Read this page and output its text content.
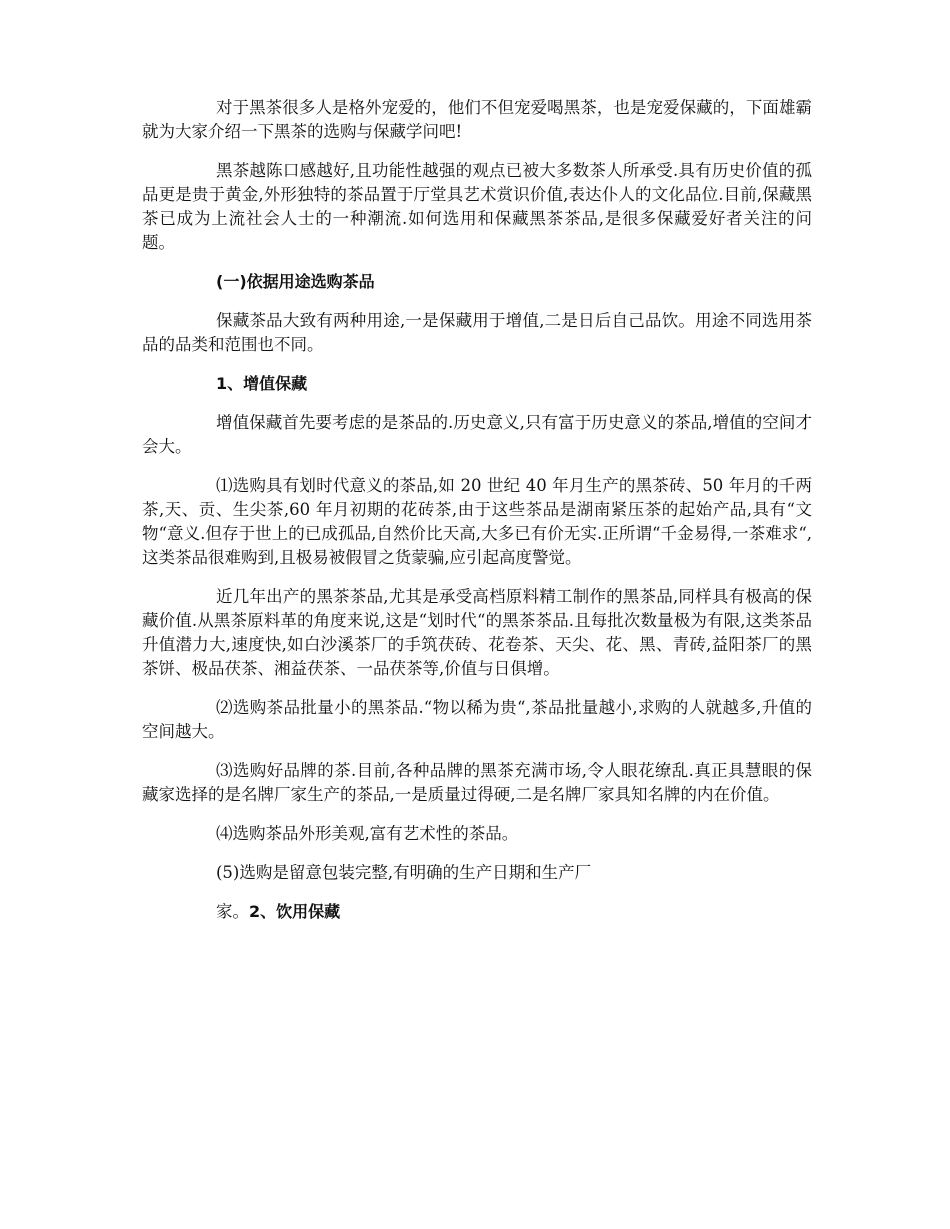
对于黑茶很多人是格外宠爱的，他们不但宠爱喝黑茶，也是宠爱保藏的，下面雄霸就为大家介绍一下黑茶的选购与保藏学问吧!

黑茶越陈口感越好,且功能性越强的观点已被大多数茶人所承受.具有历史价值的孤品更是贵于黄金,外形独特的茶品置于厅堂具艺术赏识价值,表达仆人的文化品位.目前,保藏黑茶已成为上流社会人士的一种潮流.如何选用和保藏黑茶茶品,是很多保藏爱好者关注的问题。

(一)依据用途选购茶品

保藏茶品大致有两种用途,一是保藏用于增值,二是日后自己品饮。用途不同选用茶品的品类和范围也不同。

1、增值保藏

增值保藏首先要考虑的是茶品的.历史意义,只有富于历史意义的茶品,增值的空间才会大。

⑴选购具有划时代意义的茶品,如 20 世纪 40 年月生产的黑茶砖、50 年月的千两茶,天、贡、生尖茶,60 年月初期的花砖茶,由于这些茶品是湖南紧压茶的起始产品,具有“文物“意义.但存于世上的已成孤品,自然价比天高,大多已有价无实.正所谓“千金易得,一茶难求“,这类茶品很难购到,且极易被假冒之货蒙骗,应引起高度警觉。

近几年出产的黑茶茶品,尤其是承受高档原料精工制作的黑茶品,同样具有极高的保藏价值.从黑茶原料革的角度来说,这是“划时代“的黑茶茶品.且每批次数量极为有限,这类茶品升值潜力大,速度快,如白沙溪茶厂的手筑茯砖、花卷茶、天尖、花、黑、青砖,益阳茶厂的黑茶饼、极品茯茶、湘益茯茶、一品茯茶等,价值与日俱增。

⑵选购茶品批量小的黑茶品.“物以稀为贵“,茶品批量越小,求购的人就越多,升值的空间越大。

⑶选购好品牌的茶.目前,各种品牌的黑茶充满市场,令人眼花缭乱.真正具慧眼的保藏家选择的是名牌厂家生产的茶品,一是质量过得硬,二是名牌厂家具知名牌的内在价值。

⑷选购茶品外形美观,富有艺术性的茶品。

(5)选购是留意包装完整,有明确的生产日期和生产厂

家。2、饮用保藏
